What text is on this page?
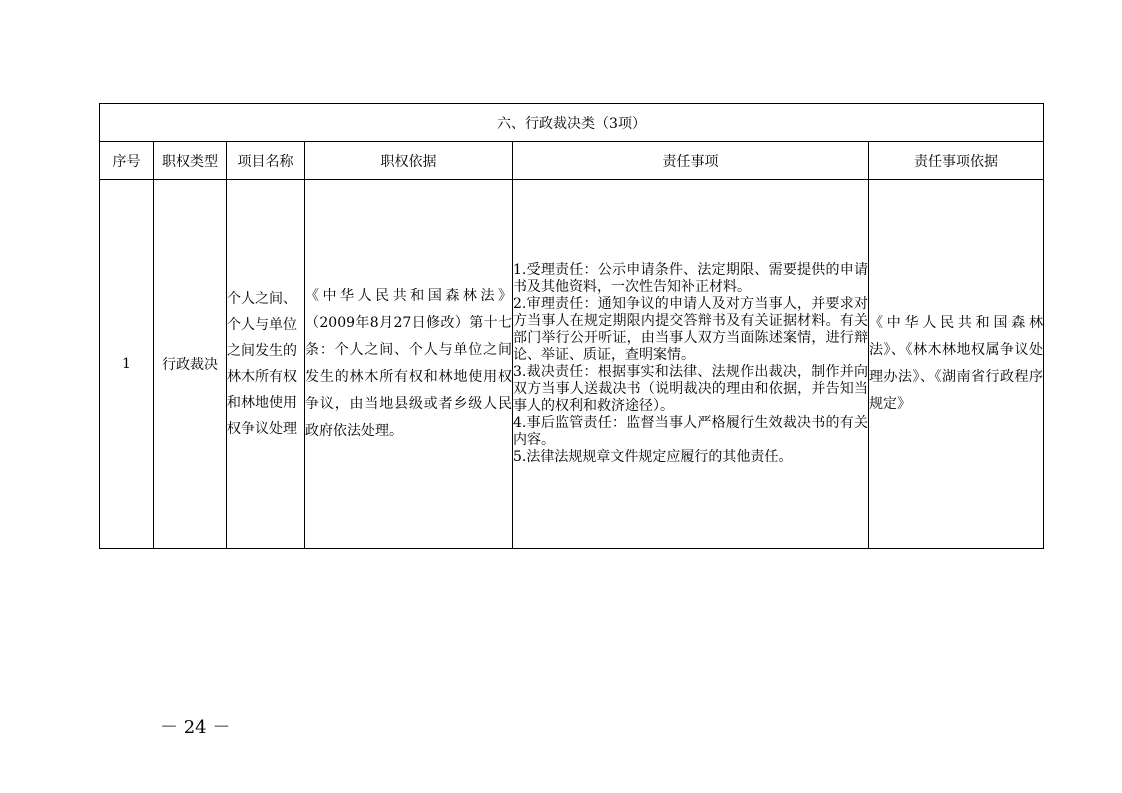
六、行政裁决类（3项）					
序号	职权类型	项目名称	职权依据	责任事项	责任事项依据
1	行政裁决	个人之间、个人与单位之间发生的林木所有权和林地使用权争议处理	《中华人民共和国森林法》（2009年8月27日修改）第十七条：个人之间、个人与单位之间发生的林木所有权和林地使用权争议，由当地县级或者乡级人民政府依法处理。	1.受理责任：公示申请条件、法定期限、需要提供的申请书及其他资料，一次性告知补正材料。
2.审理责任：通知争议的申请人及对方当事人，并要求对方当事人在规定期限内提交答辩书及有关证据材料。有关部门举行公开听证，由当事人双方当面陈述案情，进行辩论、举证、质证，查明案情。
3.裁决责任：根据事实和法律、法规作出裁决，制作并向双方当事人送裁决书（说明裁决的理由和依据，并告知当事人的权利和救济途径）。
4.事后监管责任：监督当事人严格履行生效裁决书的有关内容。
5.法律法规规章文件规定应履行的其他责任。	《中华人民共和国森林法》、《林木林地权属争议处理办法》、《湖南省行政程序规定》
－ 24 －
